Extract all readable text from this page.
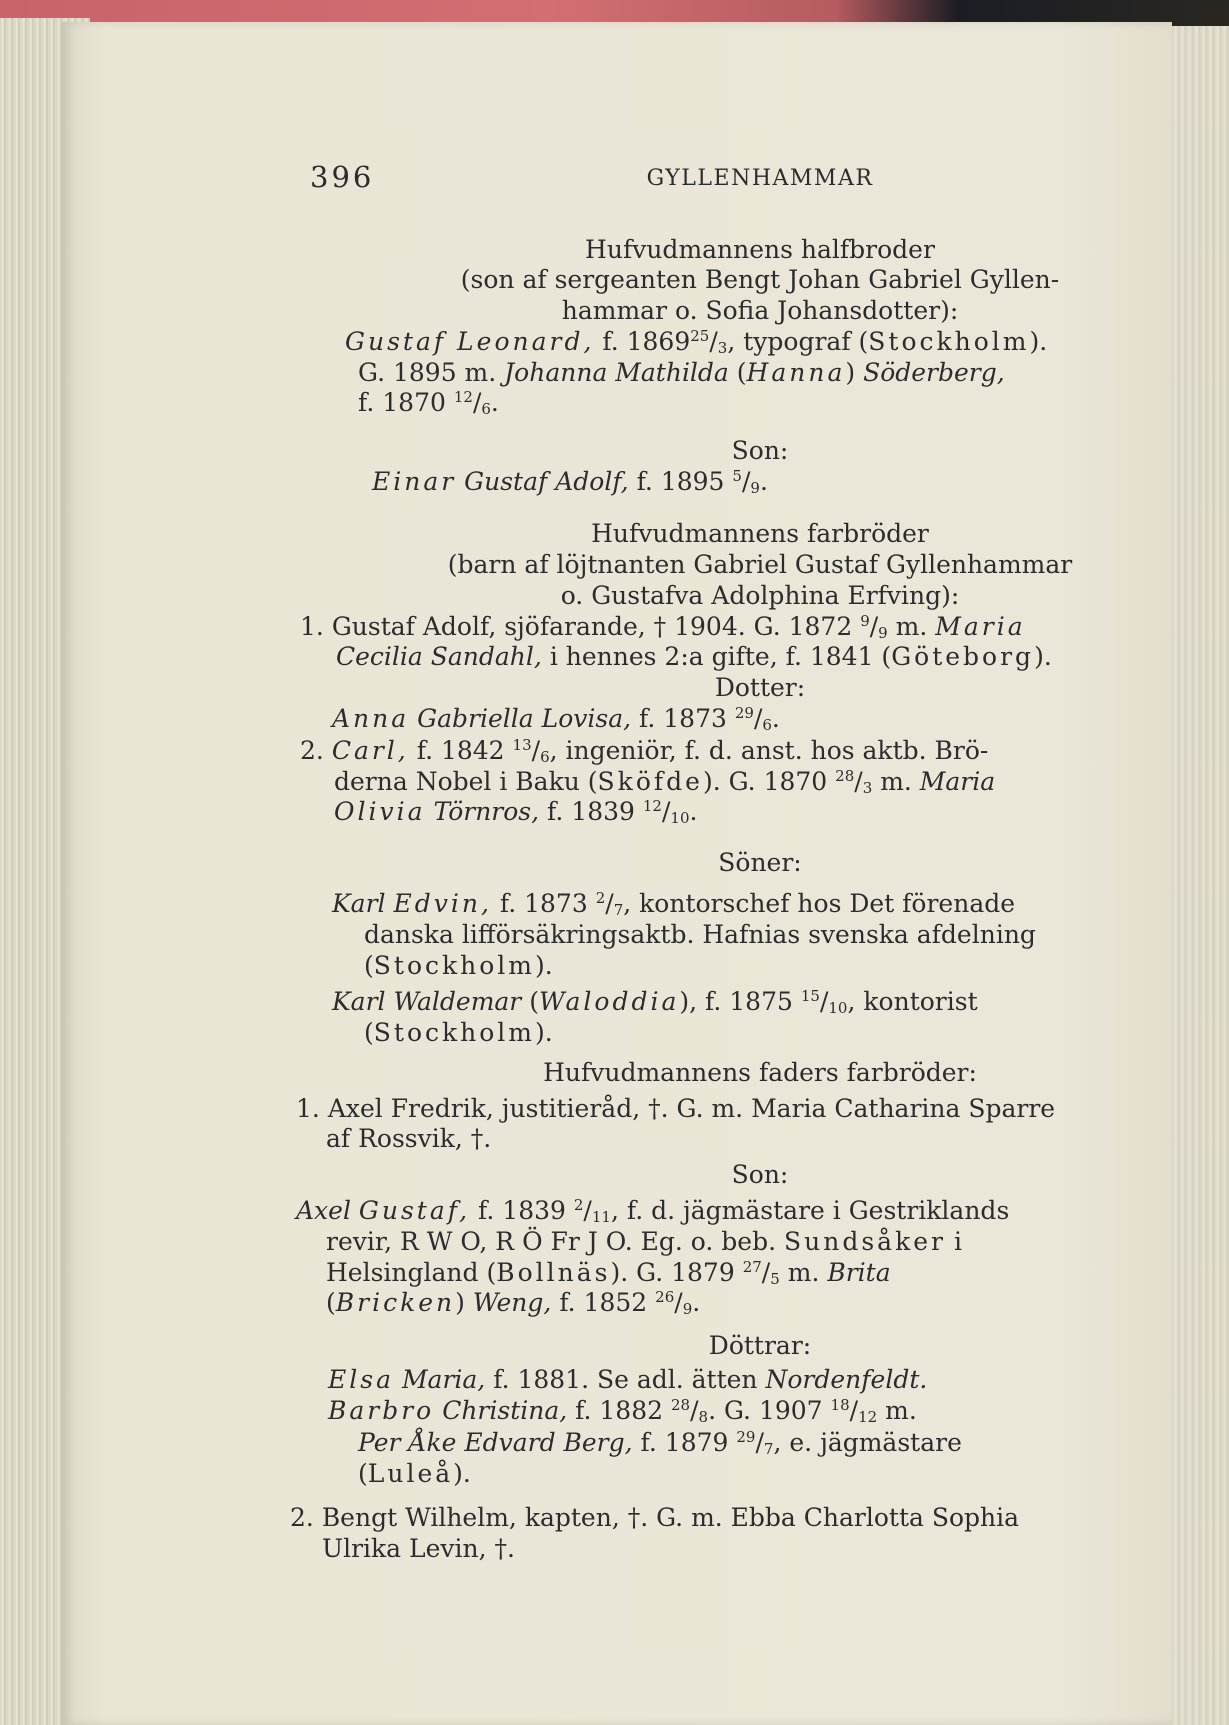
396	GYLLENHAMMAR
Hufvudmannens halfbroder
(son af sergeanten Bengt Johan Gabriel Gyllen-
hammar o. Sofia Johansdotter):
Gustaf Leonard, f. $1869^{25}/_3$, typograf (Stockholm).
G. 1895 m. Johanna Mathilda (Hanna) Söderberg,
f. 1870 $^{12}/_6$.
Son:
Einar Gustaf Adolf, f. 1895 $^5/_9$.
Hufvudmannens farbröder
(barn af löjtnanten Gabriel Gustaf Gyllenhammar
o. Gustafva Adolphina Erfving):
1. Gustaf Adolf, sjöfarande, † 1904. G. 1872 $^9/_9$ m. Maria
Cecilia Sandahl, i hennes 2:a gifte, f. 1841 (Göteborg).
Dotter:
Anna Gabriella Lovisa, f. 1873 $^{29}/_6$.
2. Carl, f. 1842 $^{13}/_6$, ingeniör, f. d. anst. hos aktb. Brö-
derna Nobel i Baku (Sköfde). G. 1870 $^{28}/_3$ m. Maria
Olivia Törnros, f. 1839 $^{12}/_{10}$.
Söner:
Karl Edvin, f. 1873 $^2/_7$, kontorschef hos Det förenade
danska lifförsäkringsaktb. Hafnias svenska afdelning
(Stockholm).
Karl Waldemar (Waloddia), f. 1875 $^{15}/_{10}$, kontorist
(Stockholm).
Hufvudmannens faders farbröder:
1. Axel Fredrik, justitieråd, †. G. m. Maria Catharina Sparre
af Rossvik, †.
Son:
Axel Gustaf, f. 1839 $^2/_{11}$, f. d. jägmästare i Gestriklands
revir, R W O, R Ö Fr J O. Eg. o. beb. Sundsåker i
Helsingland (Bollnäs). G. 1879 $^{27}/_5$ m. Brita
(Bricken) Weng, f. 1852 $^{26}/_9$.
Döttrar:
Elsa Maria, f. 1881. Se adl. ätten Nordenfeldt.
Barbro Christina, f. 1882 $^{28}/_8$. G. 1907 $^{18}/_{12}$ m.
Per Åke Edvard Berg, f. 1879 $^{29}/_7$, e. jägmästare
(Luleå).
2. Bengt Wilhelm, kapten, †. G. m. Ebba Charlotta Sophia
Ulrika Levin, †.
